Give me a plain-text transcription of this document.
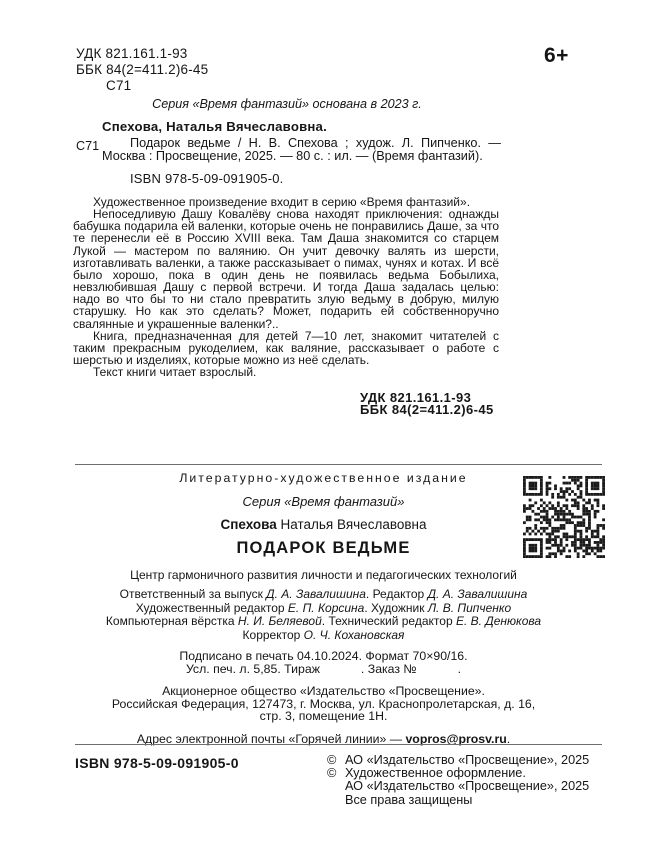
УДК 821.161.1-93
ББК 84(2=411.2)6-45
С71
6+
Серия «Время фантазий» основана в 2023 г.
Спехова, Наталья Вячеславовна.
С71	Подарок ведьме / Н. В. Спехова ; худож. Л. Пипченко. — Москва : Просвещение, 2025. — 80 с. : ил. — (Время фантазий).
ISBN 978-5-09-091905-0.

Художественное произведение входит в серию «Время фантазий».

Непоседливую Дашу Ковалёву снова находят приключения: однажды бабушка подарила ей валенки, которые очень не понравились Даше, за что те перенесли её в Россию XVIII века. Там Даша знакомится со старцем Лукой — мастером по валянию. Он учит девочку валять из шерсти, изготавливать валенки, а также рассказывает о пимах, чунях и котах. И всё было хорошо, пока в один день не появилась ведьма Бобылиха, невзлюбившая Дашу с первой встречи. И тогда Даша задалась целью: надо во что бы то ни стало превратить злую ведьму в добрую, милую старушку. Но как это сделать? Может, подарить ей собственноручно свалянные и украшенные валенки?..

Книга, предназначенная для детей 7—10 лет, знакомит читателей с таким прекрасным рукоделием, как валяние, рассказывает о работе с шерстью и изделиях, которые можно из неё сделать.

Текст книги читает взрослый.

УДК 821.161.1-93
ББК 84(2=411.2)6-45
Литературно-художественное издание
Серия «Время фантазий»
Спехова Наталья Вячеславовна
ПОДАРОК ВЕДЬМЕ
Центр гармоничного развития личности и педагогических технологий
Ответственный за выпуск Д. А. Завалишина. Редактор Д. А. Завалишина
Художественный редактор Е. П. Корсина. Художник Л. В. Пипченко
Компьютерная вёрстка Н. И. Беляевой. Технический редактор Е. В. Денюкова
Корректор О. Ч. Кохановская
Подписано в печать 04.10.2024. Формат 70×90/16.
Усл. печ. л. 5,85. Тираж            . Заказ №            .
Акционерное общество «Издательство «Просвещение».
Российская Федерация, 127473, г. Москва, ул. Краснопролетарская, д. 16,
стр. 3, помещение 1Н.
Адрес электронной почты «Горячей линии» — vopros@prosv.ru.
ISBN 978-5-09-091905-0	© АО «Издательство «Просвещение», 2025
© Художественное оформление.
АО «Издательство «Просвещение», 2025
Все права защищены
